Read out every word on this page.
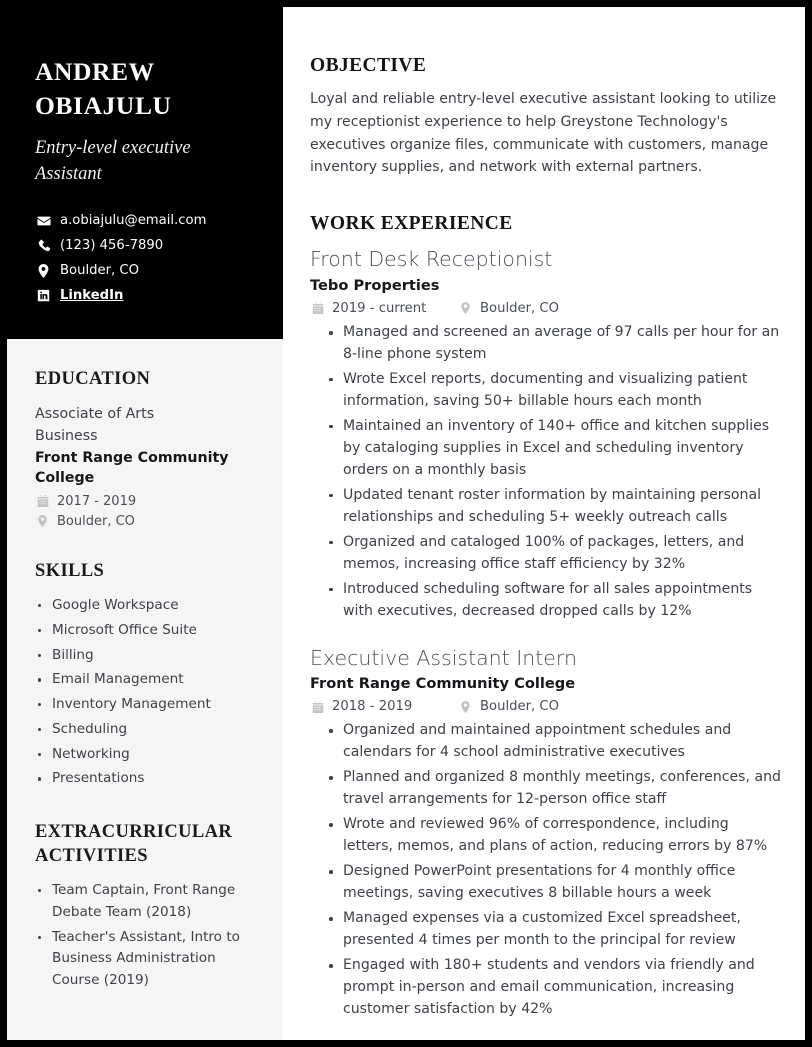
ANDREW OBIAJULU
Entry-level executive Assistant
a.obiajulu@email.com
(123) 456-7890
Boulder, CO
LinkedIn
EDUCATION
Associate of Arts
Business
Front Range Community College
2017 - 2019
Boulder, CO
SKILLS
Google Workspace
Microsoft Office Suite
Billing
Email Management
Inventory Management
Scheduling
Networking
Presentations
EXTRACURRICULAR ACTIVITIES
Team Captain, Front Range Debate Team (2018)
Teacher's Assistant, Intro to Business Administration Course (2019)
OBJECTIVE

Loyal and reliable entry-level executive assistant looking to utilize my receptionist experience to help Greystone Technology's executives organize files, communicate with customers, manage inventory supplies, and network with external partners.

WORK EXPERIENCE
Front Desk Receptionist
Tebo Properties
2019 - current	Boulder, CO
Managed and screened an average of 97 calls per hour for an 8-line phone system
Wrote Excel reports, documenting and visualizing patient information, saving 50+ billable hours each month
Maintained an inventory of 140+ office and kitchen supplies by cataloging supplies in Excel and scheduling inventory orders on a monthly basis
Updated tenant roster information by maintaining personal relationships and scheduling 5+ weekly outreach calls
Organized and cataloged 100% of packages, letters, and memos, increasing office staff efficiency by 32%
Introduced scheduling software for all sales appointments with executives, decreased dropped calls by 12%
Executive Assistant Intern
Front Range Community College
2018 - 2019	Boulder, CO
Organized and maintained appointment schedules and calendars for 4 school administrative executives
Planned and organized 8 monthly meetings, conferences, and travel arrangements for 12-person office staff
Wrote and reviewed 96% of correspondence, including letters, memos, and plans of action, reducing errors by 87%
Designed PowerPoint presentations for 4 monthly office meetings, saving executives 8 billable hours a week
Managed expenses via a customized Excel spreadsheet, presented 4 times per month to the principal for review
Engaged with 180+ students and vendors via friendly and prompt in-person and email communication, increasing customer satisfaction by 42%
